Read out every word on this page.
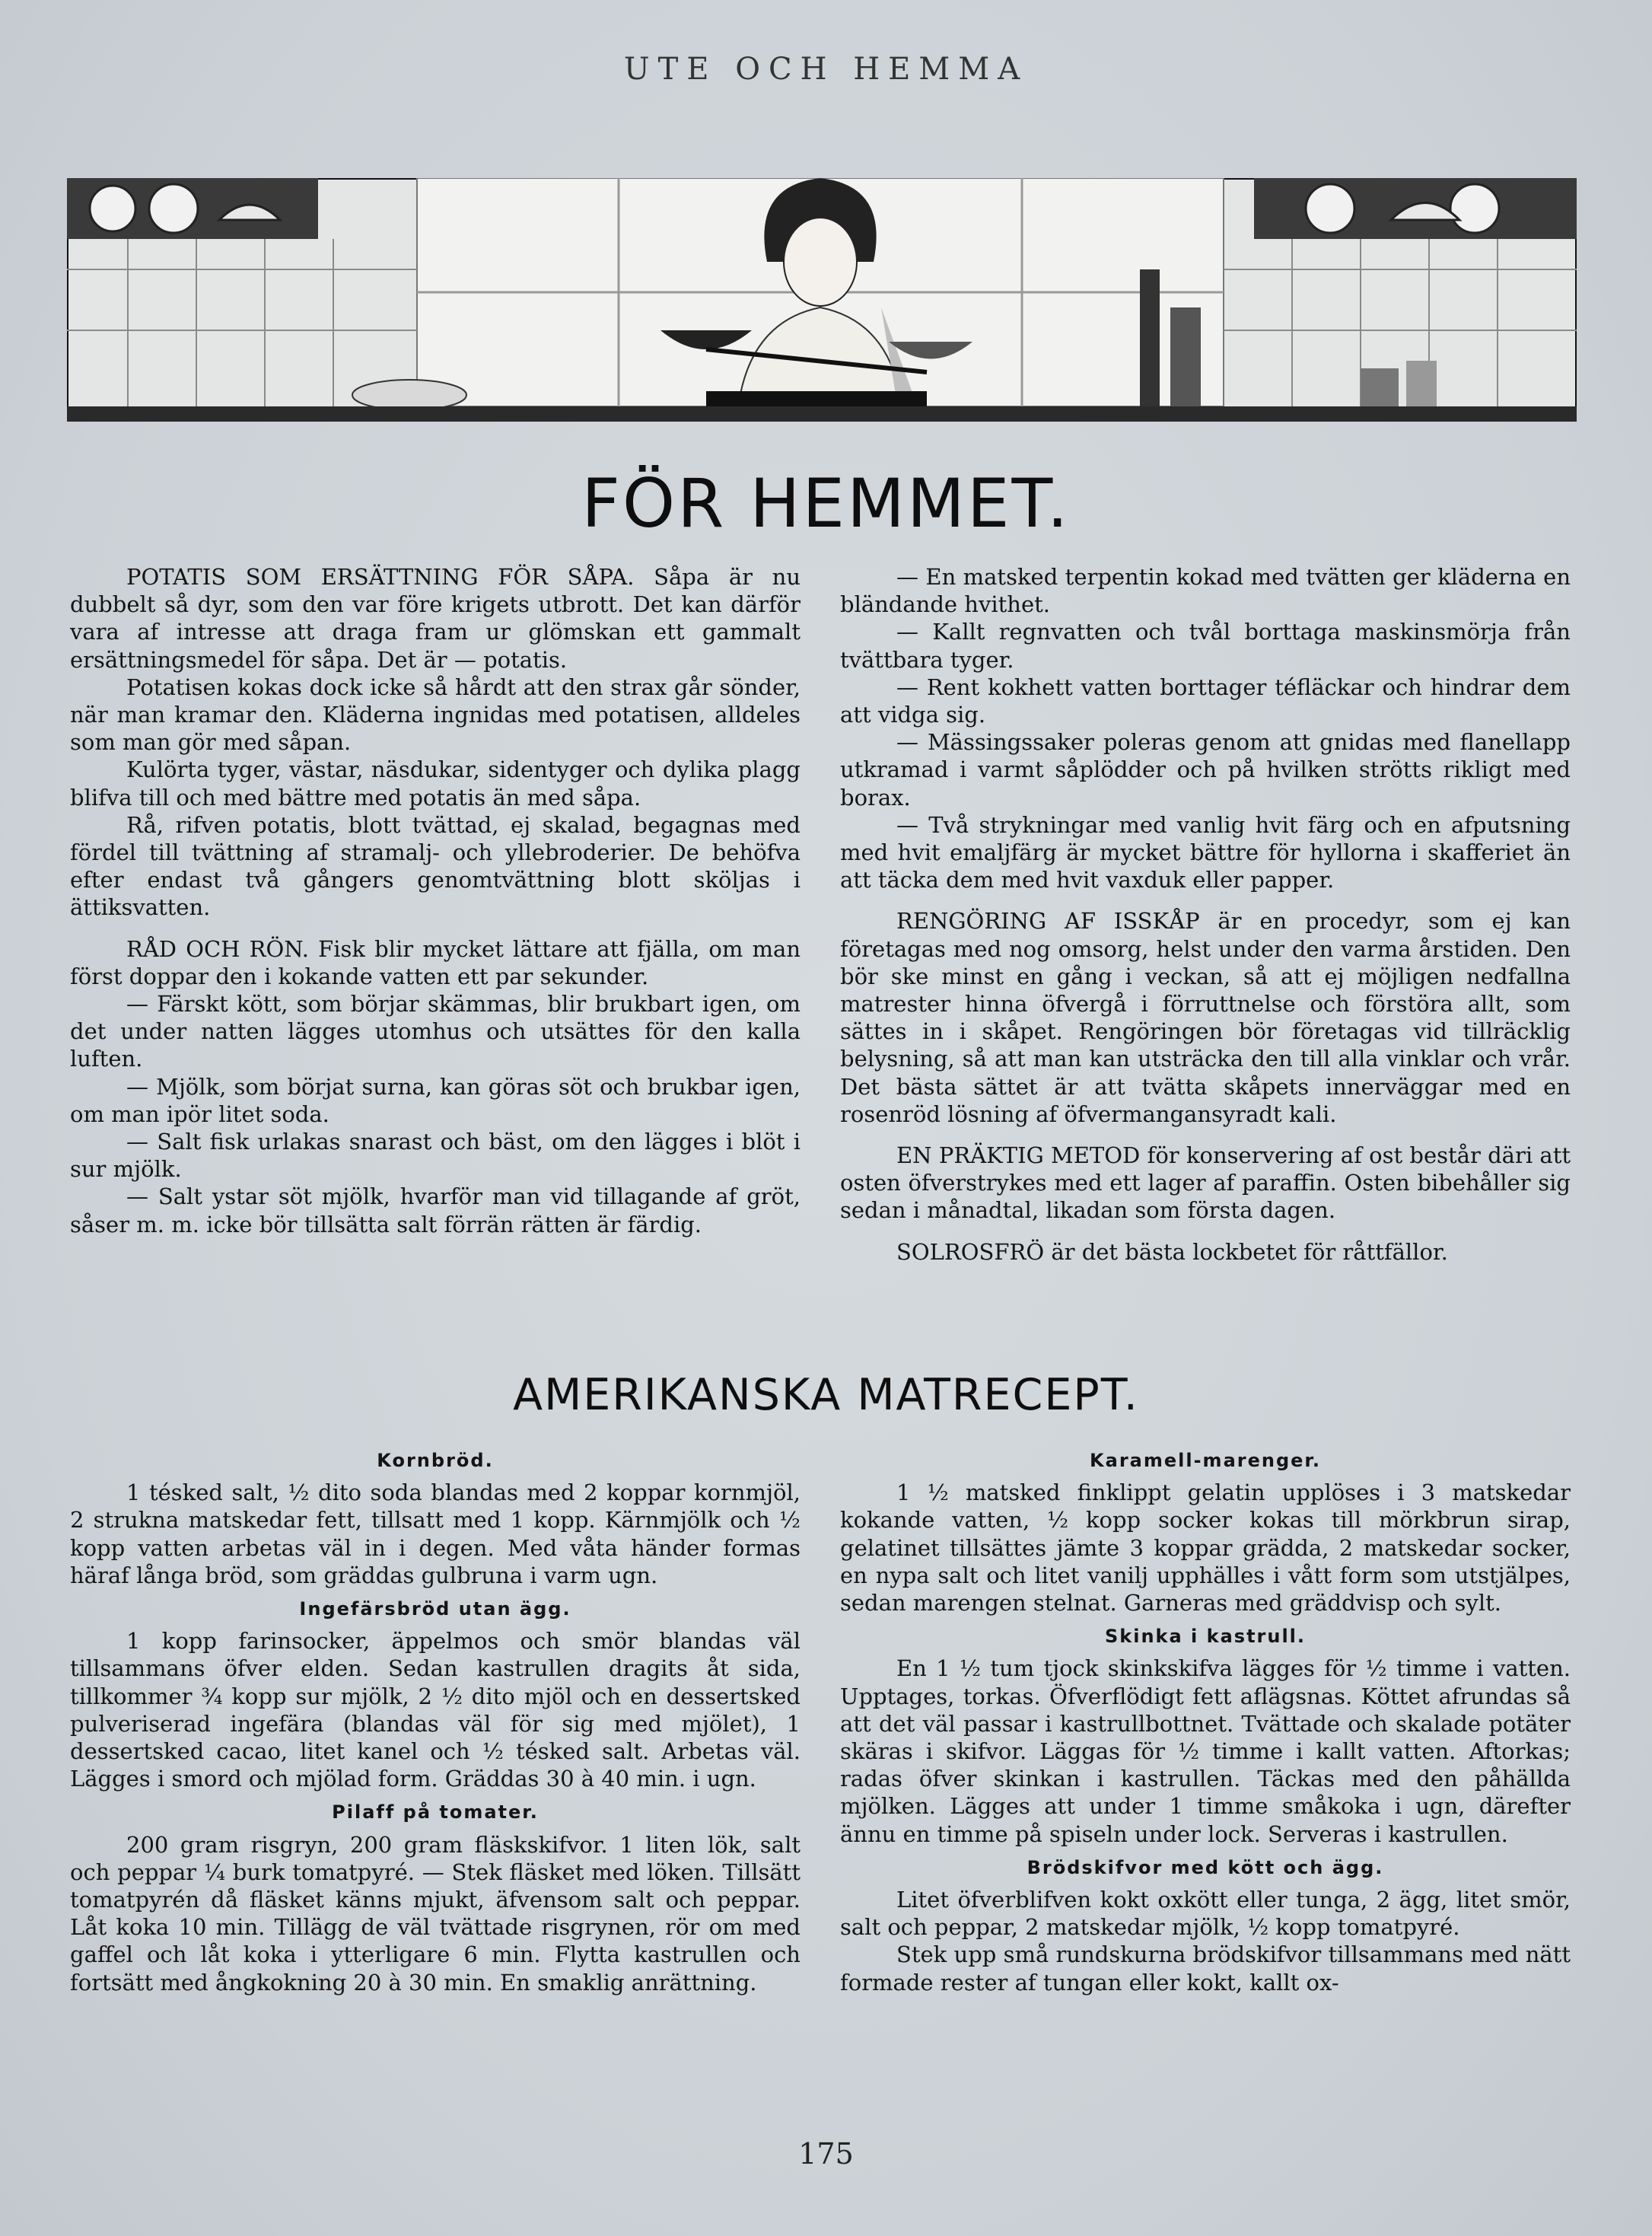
UTE OCH HEMMA
FÖR HEMMET.

POTATIS SOM ERSÄTTNING FÖR SÅPA. Såpa är nu dubbelt så dyr, som den var före krigets utbrott. Det kan därför vara af intresse att draga fram ur glömskan ett gammalt ersättningsmedel för såpa. Det är — potatis.

Potatisen kokas dock icke så hårdt att den strax går sönder, när man kramar den. Kläderna ingnidas med potatisen, alldeles som man gör med såpan.

Kulörta tyger, västar, näsdukar, sidentyger och dylika plagg blifva till och med bättre med potatis än med såpa.

Rå, rifven potatis, blott tvättad, ej skalad, begagnas med fördel till tvättning af stramalj- och yllebroderier. De behöfva efter endast två gångers genomtvättning blott sköljas i ättiksvatten.

RÅD OCH RÖN. Fisk blir mycket lättare att fjälla, om man först doppar den i kokande vatten ett par sekunder.

— Färskt kött, som börjar skämmas, blir brukbart igen, om det under natten lägges utomhus och utsättes för den kalla luften.

— Mjölk, som börjat surna, kan göras söt och brukbar igen, om man iрör litet soda.

— Salt fisk urlakas snarast och bäst, om den lägges i blöt i sur mjölk.

— Salt ystar söt mjölk, hvarför man vid tillagande af gröt, såser m. m. icke bör tillsätta salt förrän rätten är färdig.

— En matsked terpentin kokad med tvätten ger kläderna en bländande hvithet.

— Kallt regnvatten och tvål borttaga maskinsmörja från tvättbara tyger.

— Rent kokhett vatten borttager téfläckar och hindrar dem att vidga sig.

— Mässingssaker poleras genom att gnidas med flanellapp utkramad i varmt såplödder och på hvilken strötts rikligt med borax.

— Två strykningar med vanlig hvit färg och en afputsning med hvit emaljfärg är mycket bättre för hyllorna i skafferiet än att täcka dem med hvit vaxduk eller papper.

RENGÖRING AF ISSKÅP är en procedyr, som ej kan företagas med nog omsorg, helst under den varma årstiden. Den bör ske minst en gång i veckan, så att ej möjligen nedfallna matrester hinna öfvergå i förruttnelse och förstöra allt, som sättes in i skåpet. Rengöringen bör företagas vid tillräcklig belysning, så att man kan utsträcka den till alla vinklar och vrår. Det bästa sättet är att tvätta skåpets innerväggar med en rosenröd lösning af öfvermangansyradt kali.

EN PRÄKTIG METOD för konservering af ost består däri att osten öfverstrykes med ett lager af paraffin. Osten bibehåller sig sedan i månadtal, likadan som första dagen.

SOLROSFRÖ är det bästa lockbetet för råttfällor.

AMERIKANSKA MATRECEPT.
Kornbröd.

1 tésked salt, ½ dito soda blandas med 2 koppar kornmjöl, 2 strukna matskedar fett, tillsatt med 1 kopp. Kärnmjölk och ½ kopp vatten arbetas väl in i degen. Med våta händer formas häraf långa bröd, som gräddas gulbruna i varm ugn.

Ingefärsbröd utan ägg.

1 kopp farinsocker, äppelmos och smör blandas väl tillsammans öfver elden. Sedan kastrullen dragits åt sida, tillkommer ¾ kopp sur mjölk, 2 ½ dito mjöl och en dessertsked pulveriserad ingefära (blandas väl för sig med mjölet), 1 dessertsked cacao, litet kanel och ½ tésked salt. Arbetas väl. Lägges i smord och mjölad form. Gräddas 30 à 40 min. i ugn.

Pilaff på tomater.

200 gram risgryn, 200 gram fläskskifvor. 1 liten lök, salt och peppar ¼ burk tomatpyré. — Stek fläsket med löken. Tillsätt tomatpyrén då fläsket känns mjukt, äfvensom salt och peppar. Låt koka 10 min. Tillägg de väl tvättade risgrynen, rör om med gaffel och låt koka i ytterligare 6 min. Flytta kastrullen och fortsätt med ångkokning 20 à 30 min. En smaklig anrättning.

Karamell-marenger.

1 ½ matsked finklippt gelatin upplöses i 3 matskedar kokande vatten, ½ kopp socker kokas till mörkbrun sirap, gelatinet tillsättes jämte 3 koppar grädda, 2 matskedar socker, en nypa salt och litet vanilj upphälles i vått form som utstjälpes, sedan marengen stelnat. Garneras med gräddvisp och sylt.

Skinka i kastrull.

En 1 ½ tum tjock skinkskifva lägges för ½ timme i vatten. Upptages, torkas. Öfverflödigt fett aflägsnas. Köttet afrundas så att det väl passar i kastrullbottnet. Tvättade och skalade potäter skäras i skifvor. Läggas för ½ timme i kallt vatten. Aftorkas; radas öfver skinkan i kastrullen. Täckas med den påhällda mjölken. Lägges att under 1 timme småkoka i ugn, därefter ännu en timme på spiseln under lock. Serveras i kastrullen.

Brödskifvor med kött och ägg.

Litet öfverblifven kokt oxkött eller tunga, 2 ägg, litet smör, salt och peppar, 2 matskedar mjölk, ½ kopp tomatpyré.

Stek upp små rundskurna brödskifvor tillsammans med nätt formade rester af tungan eller kokt, kallt ox-

175
